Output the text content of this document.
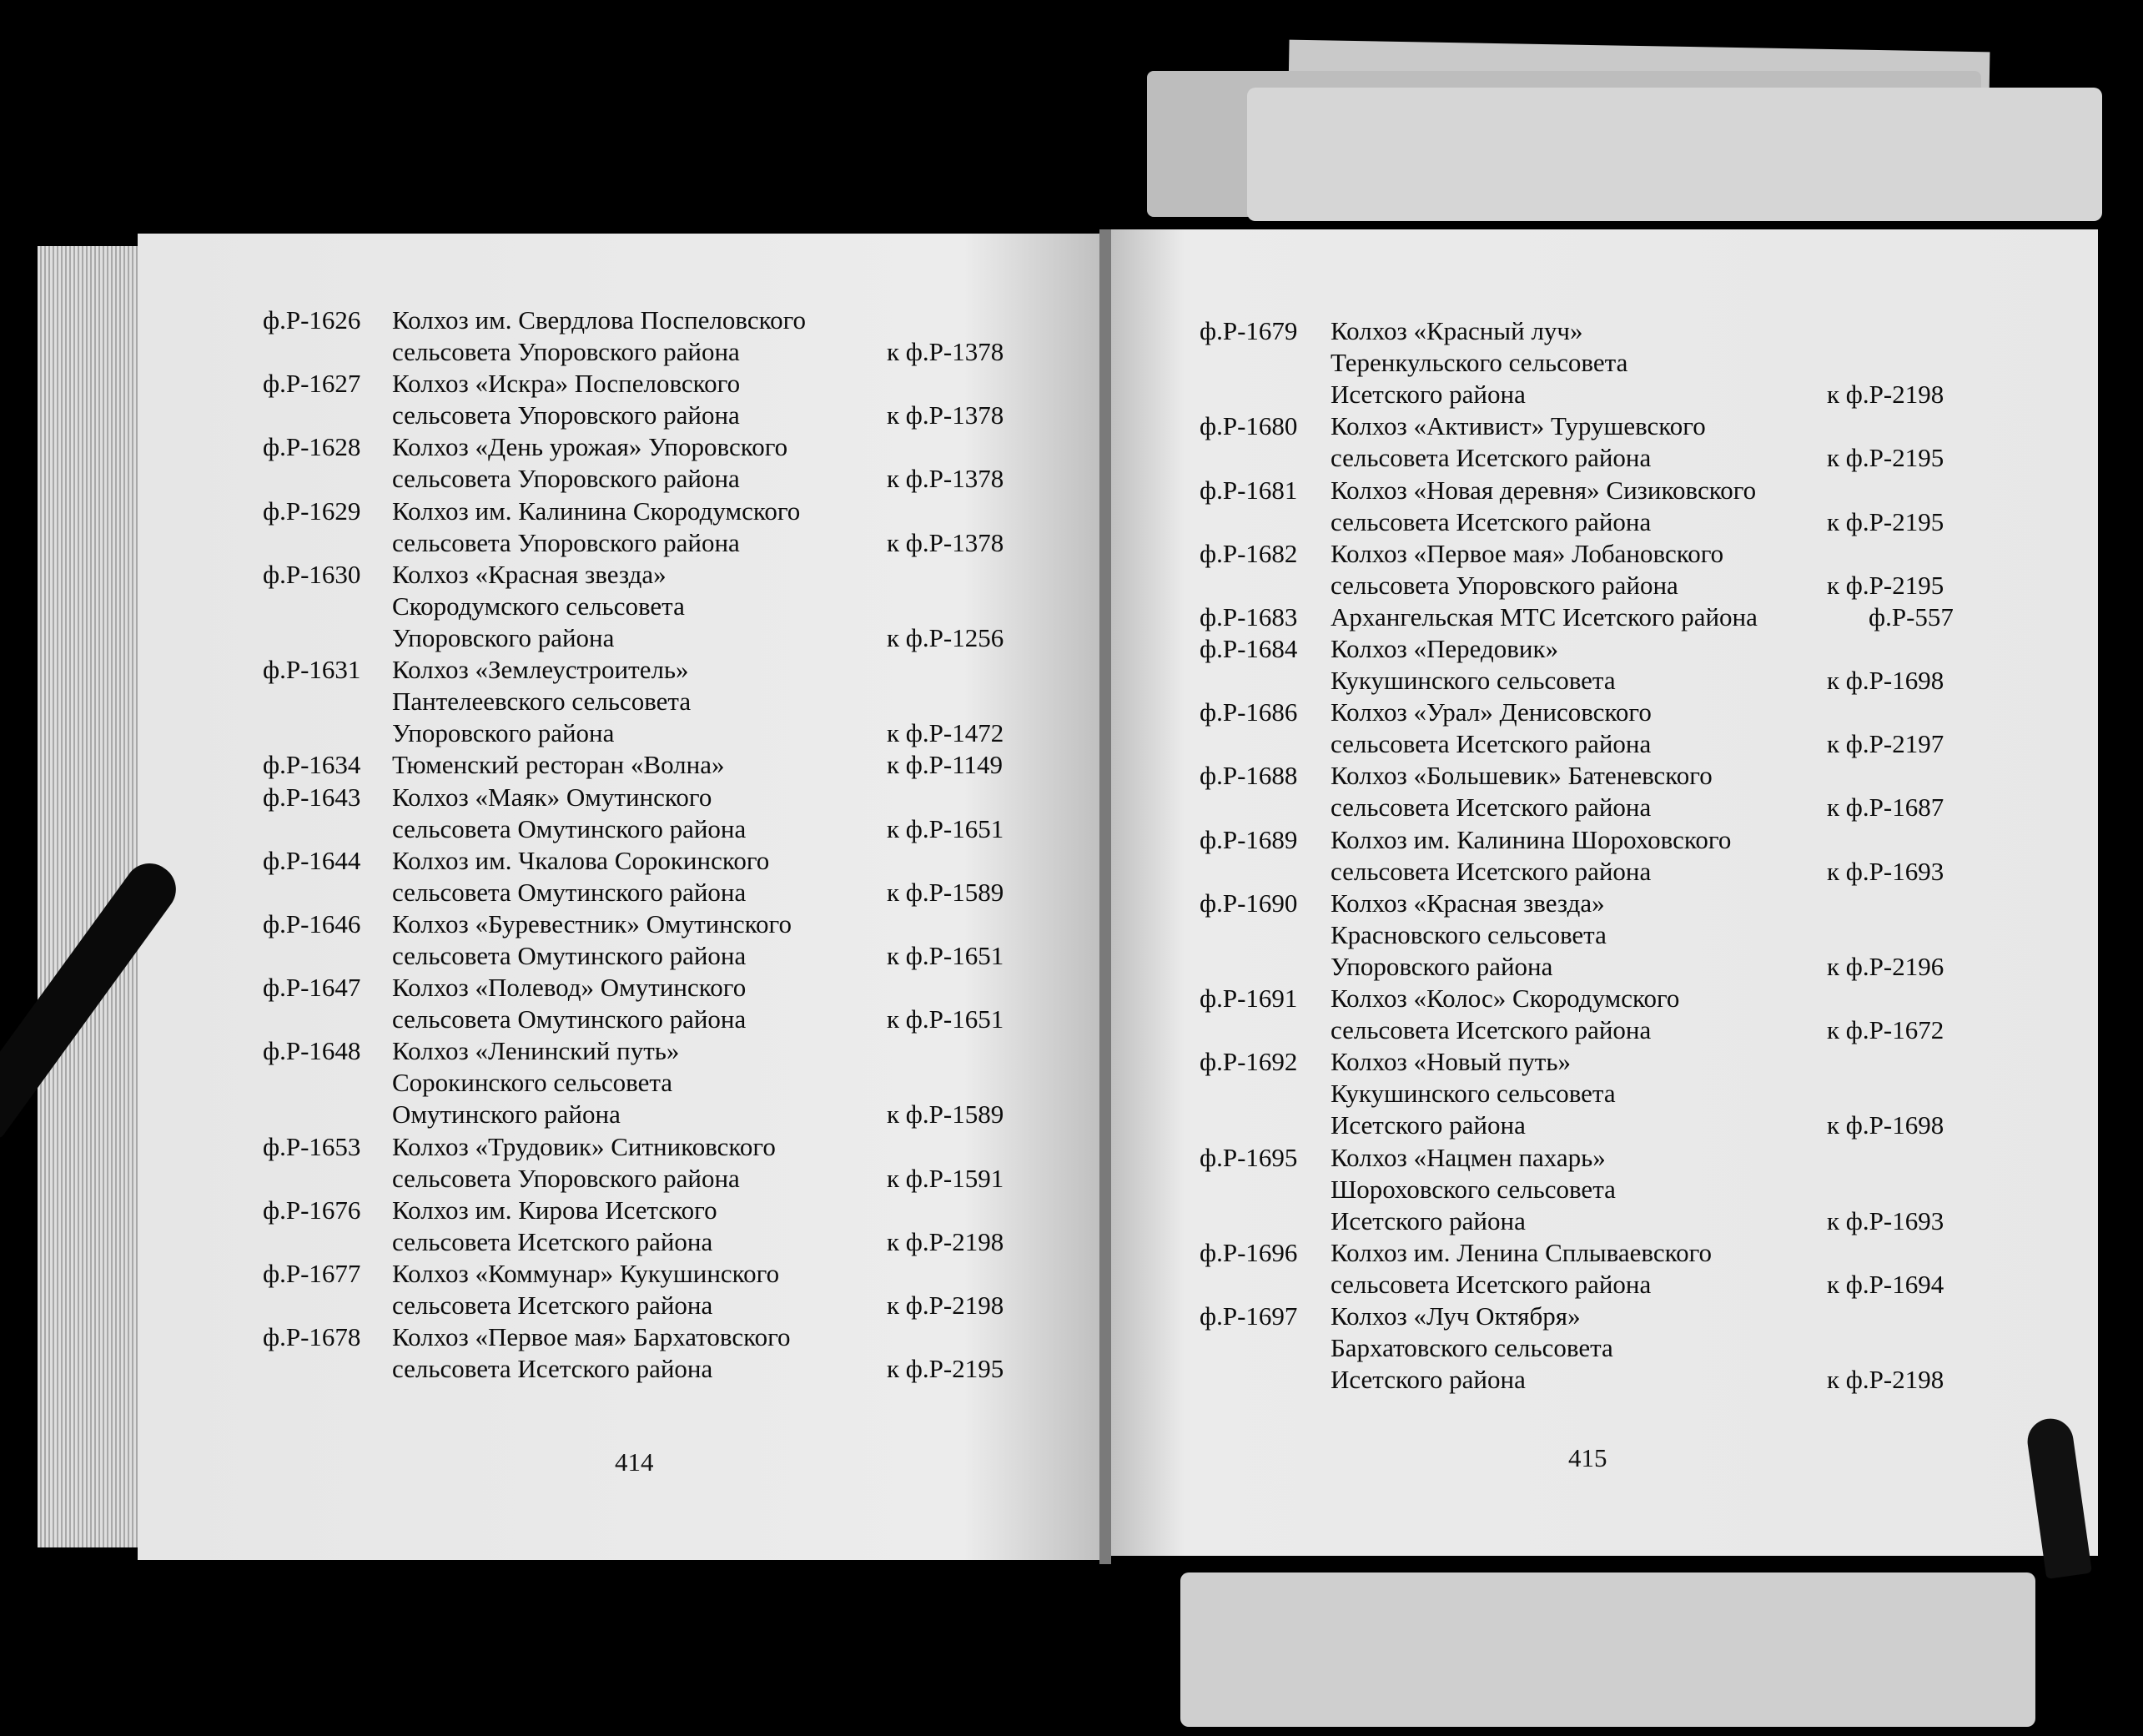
414
ф.Р-1626 Колхоз им. Свердлова Поспеловского
сельсовета Упоровского района	к ф.Р-1378
ф.Р-1627 Колхоз «Искра» Поспеловского
сельсовета Упоровского района	к ф.Р-1378
ф.Р-1628 Колхоз «День урожая» Упоровского
сельсовета Упоровского района	к ф.Р-1378
ф.Р-1629 Колхоз им. Калинина Скородумского
сельсовета Упоровского района	к ф.Р-1378
ф.Р-1630 Колхоз «Красная звезда»
Скородумского сельсовета
Упоровского района	к ф.Р-1256
ф.Р-1631 Колхоз «Землеустроитель»
Пантелеевского сельсовета
Упоровского района	к ф.Р-1472
ф.Р-1634 Тюменский ресторан «Волна»	к ф.Р-1149
ф.Р-1643 Колхоз «Маяк» Омутинского
сельсовета Омутинского района	к ф.Р-1651
ф.Р-1644 Колхоз им. Чкалова Сорокинского
сельсовета Омутинского района	к ф.Р-1589
ф.Р-1646 Колхоз «Буревестник» Омутинского
сельсовета Омутинского района	к ф.Р-1651
ф.Р-1647 Колхоз «Полевод» Омутинского
сельсовета Омутинского района	к ф.Р-1651
ф.Р-1648 Колхоз «Ленинский путь»
Сорокинского сельсовета
Омутинского района	к ф.Р-1589
ф.Р-1653 Колхоз «Трудовик» Ситниковского
сельсовета Упоровского района	к ф.Р-1591
ф.Р-1676 Колхоз им. Кирова Исетского
сельсовета Исетского района	к ф.Р-2198
ф.Р-1677 Колхоз «Коммунар» Кукушинского
сельсовета Исетского района	к ф.Р-2198
ф.Р-1678 Колхоз «Первое мая» Бархатовского
сельсовета Исетского района	к ф.Р-2195
415
ф.Р-1679 Колхоз «Красный луч»
Теренкульского сельсовета
Исетского района	к ф.Р-2198
ф.Р-1680 Колхоз «Активист» Турушевского
сельсовета Исетского района	к ф.Р-2195
ф.Р-1681 Колхоз «Новая деревня» Сизиковского
сельсовета Исетского района	к ф.Р-2195
ф.Р-1682 Колхоз «Первое мая» Лобановского
сельсовета Упоровского района	к ф.Р-2195
ф.Р-1683 Архангельская МТС Исетского района	ф.Р-557
ф.Р-1684 Колхоз «Передовик»
Кукушинского сельсовета	к ф.Р-1698
ф.Р-1686 Колхоз «Урал» Денисовского
сельсовета Исетского района	к ф.Р-2197
ф.Р-1688 Колхоз «Большевик» Батеневского
сельсовета Исетского района	к ф.Р-1687
ф.Р-1689 Колхоз им. Калинина Шороховского
сельсовета Исетского района	к ф.Р-1693
ф.Р-1690 Колхоз «Красная звезда»
Красновского сельсовета
Упоровского района	к ф.Р-2196
ф.Р-1691 Колхоз «Колос» Скородумского
сельсовета Исетского района	к ф.Р-1672
ф.Р-1692 Колхоз «Новый путь»
Кукушинского сельсовета
Исетского района	к ф.Р-1698
ф.Р-1695 Колхоз «Нацмен пахарь»
Шороховского сельсовета
Исетского района	к ф.Р-1693
ф.Р-1696 Колхоз им. Ленина Сплываевского
сельсовета Исетского района	к ф.Р-1694
ф.Р-1697 Колхоз «Луч Октября»
Бархатовского сельсовета
Исетского района	к ф.Р-2198
